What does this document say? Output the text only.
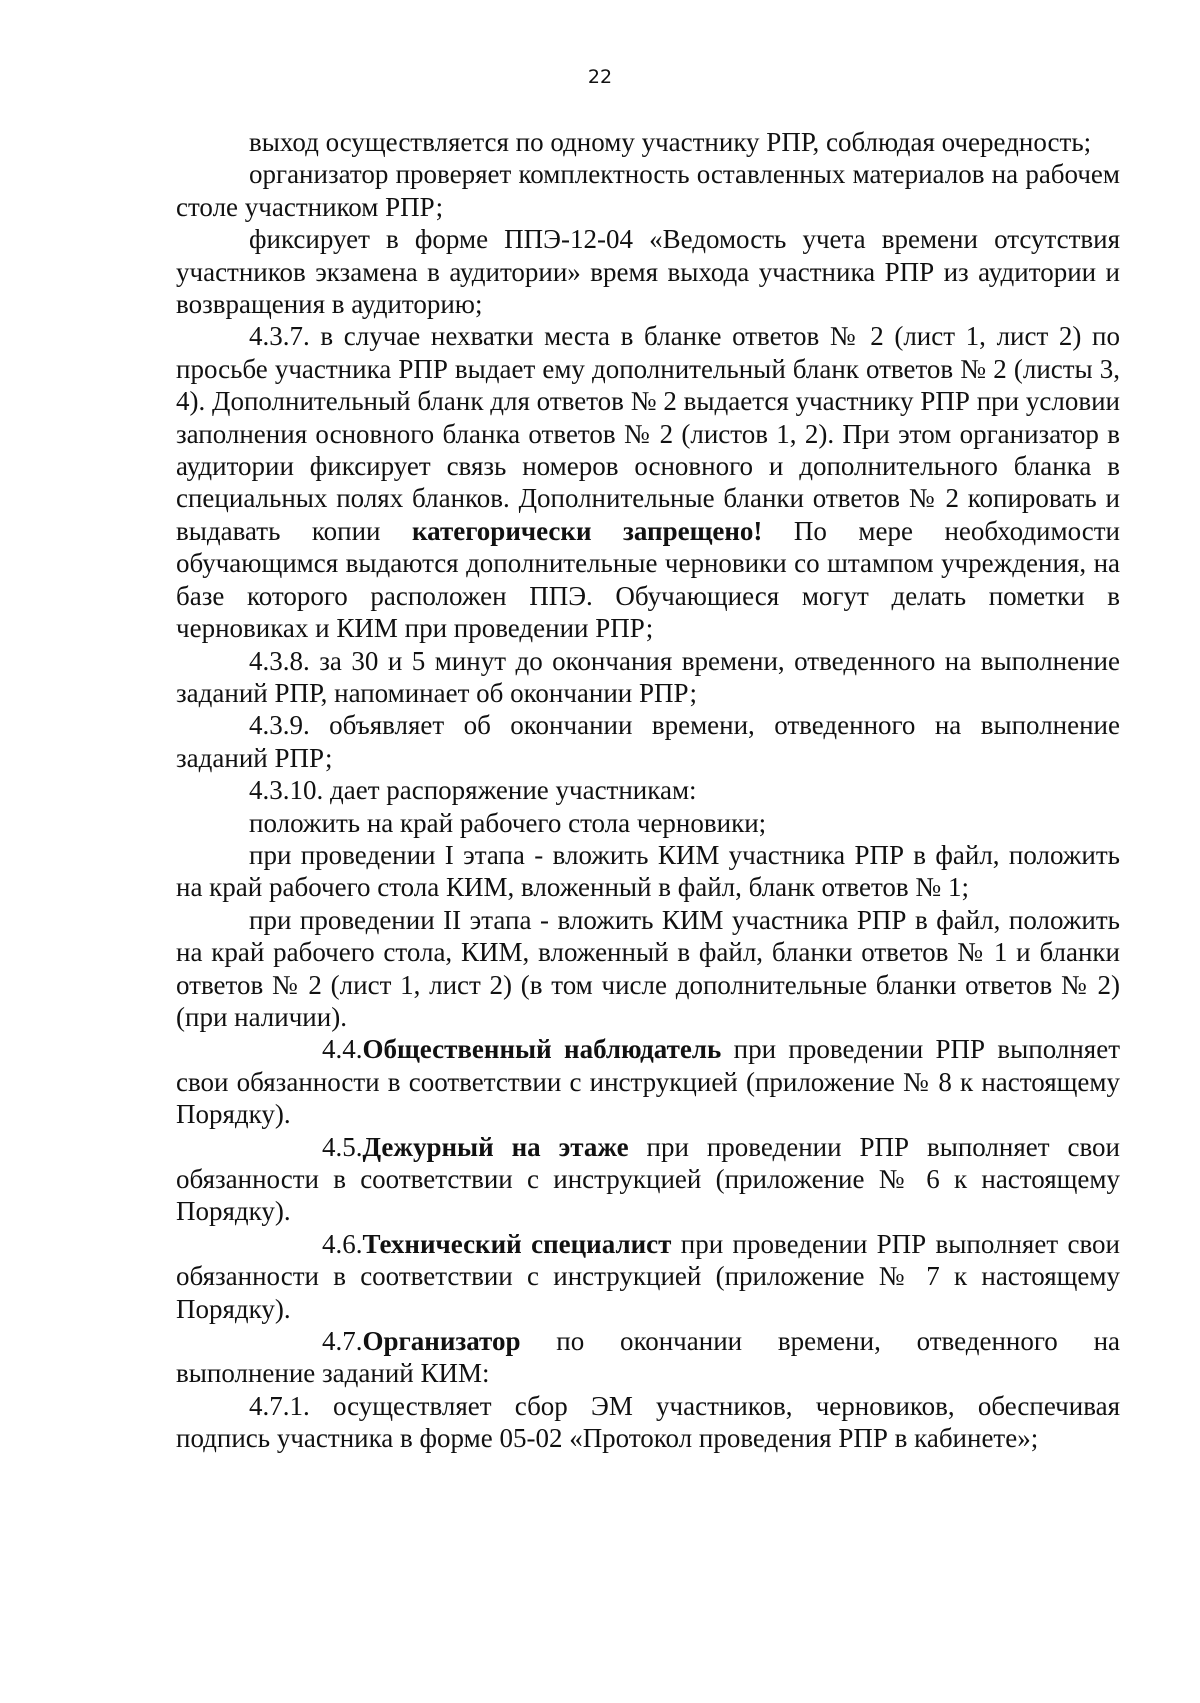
22

выход осуществляется по одному участнику РПР, соблюдая очередность;

организатор проверяет комплектность оставленных материалов на рабочем столе участником РПР;

фиксирует в форме ППЭ-12-04 «Ведомость учета времени отсутствия участников экзамена в аудитории» время выхода участника РПР из аудитории и возвращения в аудиторию;

4.3.7. в случае нехватки места в бланке ответов № 2 (лист 1, лист 2) по просьбе участника РПР выдает ему дополнительный бланк ответов № 2 (листы 3, 4). Дополнительный бланк для ответов № 2 выдается участнику РПР при условии заполнения основного бланка ответов № 2 (листов 1, 2). При этом организатор в аудитории фиксирует связь номеров основного и дополнительного бланка в специальных полях бланков. Дополнительные бланки ответов № 2 копировать и выдавать копии категорически запрещено! По мере необходимости обучающимся выдаются дополнительные черновики со штампом учреждения, на базе которого расположен ППЭ. Обучающиеся могут делать пометки в черновиках и КИМ при проведении РПР;

4.3.8. за 30 и 5 минут до окончания времени, отведенного на выполнение заданий РПР, напоминает об окончании РПР;

4.3.9. объявляет об окончании времени, отведенного на выполнение заданий РПР;

4.3.10. дает распоряжение участникам:

положить на край рабочего стола черновики;

при проведении I этапа - вложить КИМ участника РПР в файл, положить на край рабочего стола КИМ, вложенный в файл, бланк ответов № 1;

при проведении II этапа - вложить КИМ участника РПР в файл, положить на край рабочего стола, КИМ, вложенный в файл, бланки ответов № 1 и бланки ответов № 2 (лист 1, лист 2) (в том числе дополнительные бланки ответов № 2) (при наличии).

4.4.Общественный наблюдатель при проведении РПР выполняет свои обязанности в соответствии с инструкцией (приложение № 8 к настоящему Порядку).

4.5.Дежурный на этаже при проведении РПР выполняет свои обязанности в соответствии с инструкцией (приложение № 6 к настоящему Порядку).

4.6.Технический специалист при проведении РПР выполняет свои обязанности в соответствии с инструкцией (приложение № 7 к настоящему Порядку).

4.7.Организатор по окончании времени, отведенного на выполнение заданий КИМ:

4.7.1. осуществляет сбор ЭМ участников, черновиков, обеспечивая подпись участника в форме 05-02 «Протокол проведения РПР в кабинете»;
